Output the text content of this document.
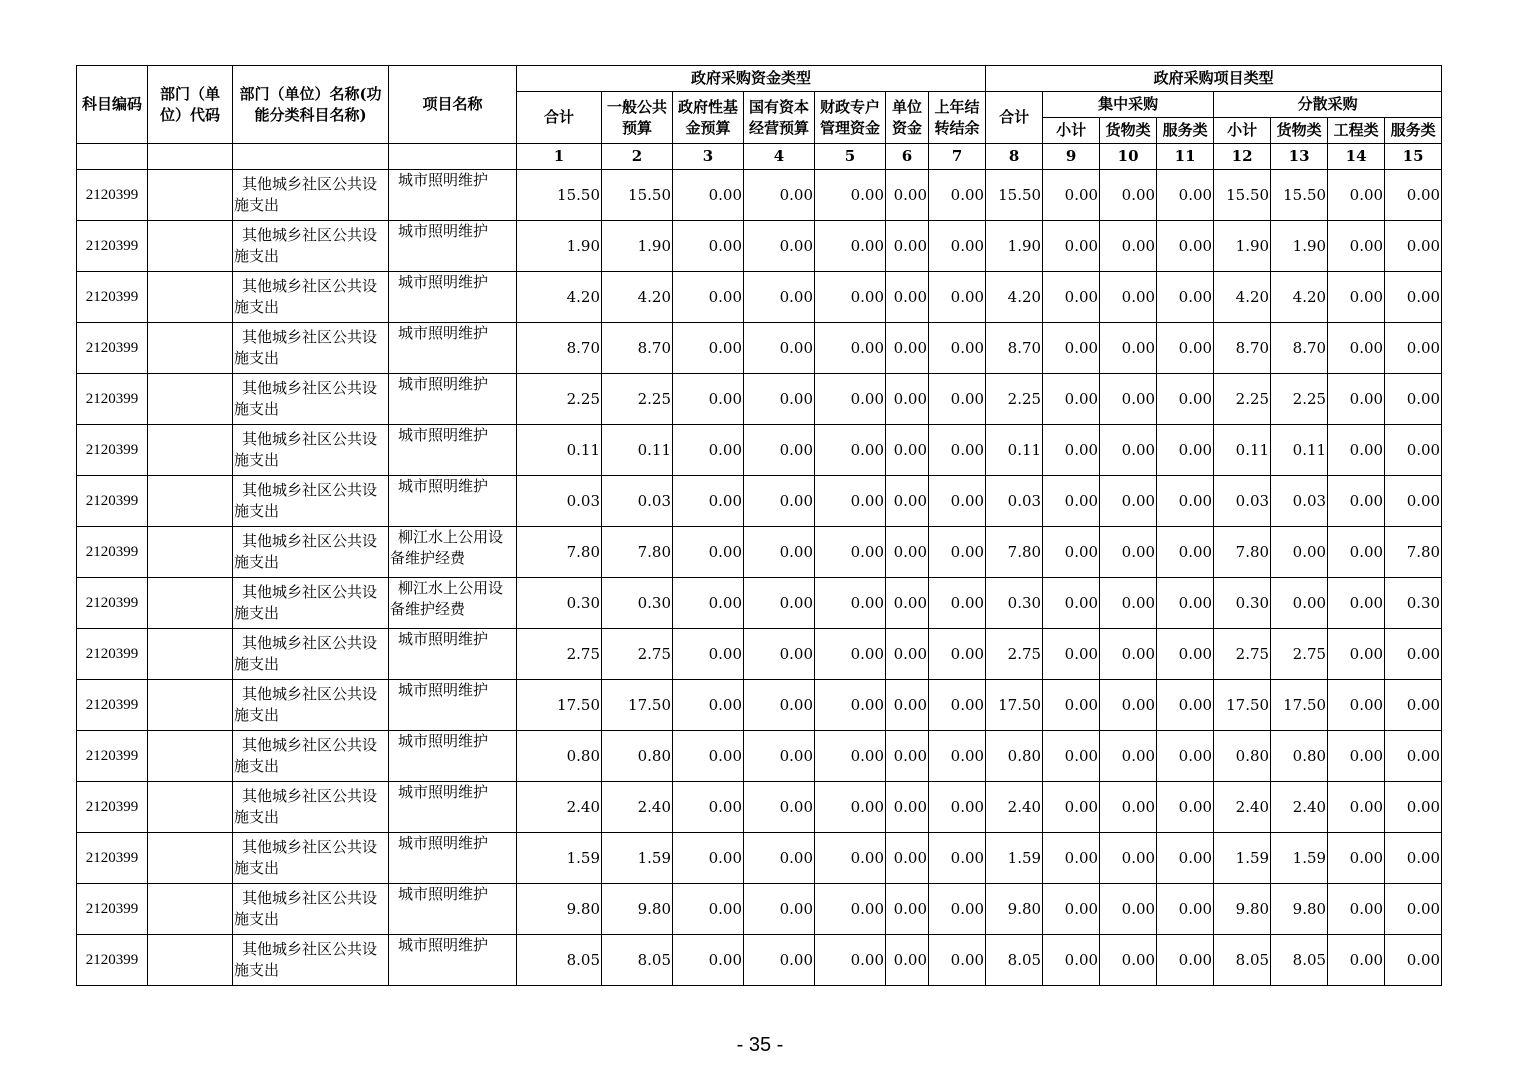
科目编码	部门（单位）代码	部门（单位）名称(功能分类科目名称)	项目名称	政府采购资金类型							政府采购项目类型							
				合计	一般公共预算	政府性基金预算	国有资本经营预算	财政专户管理资金	单位资金	上年结转结余	合计	集中采购			分散采购			
												小计	货物类	服务类	小计	货物类	工程类	服务类
				1	2	3	4	5	6	7	8	9	10	11	12	13	14	15
2120399		其他城乡社区公共设施支出	城市照明维护	15.50	15.50	0.00	0.00	0.00	0.00	0.00	15.50	0.00	0.00	0.00	15.50	15.50	0.00	0.00
2120399		其他城乡社区公共设施支出	城市照明维护	1.90	1.90	0.00	0.00	0.00	0.00	0.00	1.90	0.00	0.00	0.00	1.90	1.90	0.00	0.00
2120399		其他城乡社区公共设施支出	城市照明维护	4.20	4.20	0.00	0.00	0.00	0.00	0.00	4.20	0.00	0.00	0.00	4.20	4.20	0.00	0.00
2120399		其他城乡社区公共设施支出	城市照明维护	8.70	8.70	0.00	0.00	0.00	0.00	0.00	8.70	0.00	0.00	0.00	8.70	8.70	0.00	0.00
2120399		其他城乡社区公共设施支出	城市照明维护	2.25	2.25	0.00	0.00	0.00	0.00	0.00	2.25	0.00	0.00	0.00	2.25	2.25	0.00	0.00
2120399		其他城乡社区公共设施支出	城市照明维护	0.11	0.11	0.00	0.00	0.00	0.00	0.00	0.11	0.00	0.00	0.00	0.11	0.11	0.00	0.00
2120399		其他城乡社区公共设施支出	城市照明维护	0.03	0.03	0.00	0.00	0.00	0.00	0.00	0.03	0.00	0.00	0.00	0.03	0.03	0.00	0.00
2120399		其他城乡社区公共设施支出	柳江水上公用设备维护经费	7.80	7.80	0.00	0.00	0.00	0.00	0.00	7.80	0.00	0.00	0.00	7.80	0.00	0.00	7.80
2120399		其他城乡社区公共设施支出	柳江水上公用设备维护经费	0.30	0.30	0.00	0.00	0.00	0.00	0.00	0.30	0.00	0.00	0.00	0.30	0.00	0.00	0.30
2120399		其他城乡社区公共设施支出	城市照明维护	2.75	2.75	0.00	0.00	0.00	0.00	0.00	2.75	0.00	0.00	0.00	2.75	2.75	0.00	0.00
2120399		其他城乡社区公共设施支出	城市照明维护	17.50	17.50	0.00	0.00	0.00	0.00	0.00	17.50	0.00	0.00	0.00	17.50	17.50	0.00	0.00
2120399		其他城乡社区公共设施支出	城市照明维护	0.80	0.80	0.00	0.00	0.00	0.00	0.00	0.80	0.00	0.00	0.00	0.80	0.80	0.00	0.00
2120399		其他城乡社区公共设施支出	城市照明维护	2.40	2.40	0.00	0.00	0.00	0.00	0.00	2.40	0.00	0.00	0.00	2.40	2.40	0.00	0.00
2120399		其他城乡社区公共设施支出	城市照明维护	1.59	1.59	0.00	0.00	0.00	0.00	0.00	1.59	0.00	0.00	0.00	1.59	1.59	0.00	0.00
2120399		其他城乡社区公共设施支出	城市照明维护	9.80	9.80	0.00	0.00	0.00	0.00	0.00	9.80	0.00	0.00	0.00	9.80	9.80	0.00	0.00
2120399		其他城乡社区公共设施支出	城市照明维护	8.05	8.05	0.00	0.00	0.00	0.00	0.00	8.05	0.00	0.00	0.00	8.05	8.05	0.00	0.00
- 35 -
